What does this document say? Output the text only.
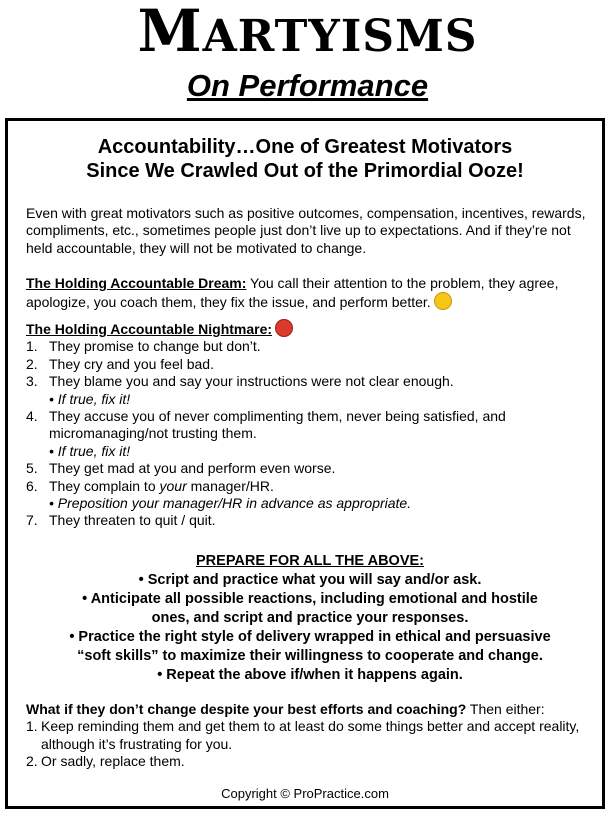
MARTYISMS
On Performance
Accountability…One of Greatest Motivators
Since We Crawled Out of the Primordial Ooze!
Even with great motivators such as positive outcomes, compensation, incentives, rewards, compliments, etc., sometimes people just don’t live up to expectations. And if they’re not held accountable, they will not be motivated to change.
The Holding Accountable Dream: You call their attention to the problem, they agree, apologize, you coach them, they fix the issue, and perform better.
The Holding Accountable Nightmare:
1. They promise to change but don’t.
2. They cry and you feel bad.
3. They blame you and say your instructions were not clear enough.
• If true, fix it!
4. They accuse you of never complimenting them, never being satisfied, and micromanaging/not trusting them.
• If true, fix it!
5. They get mad at you and perform even worse.
6. They complain to your manager/HR.
• Preposition your manager/HR in advance as appropriate.
7. They threaten to quit / quit.
PREPARE FOR ALL THE ABOVE:
• Script and practice what you will say and/or ask.
• Anticipate all possible reactions, including emotional and hostile
ones, and script and practice your responses.
• Practice the right style of delivery wrapped in ethical and persuasive
“soft skills” to maximize their willingness to cooperate and change.
• Repeat the above if/when it happens again.
What if they don’t change despite your best efforts and coaching? Then either:
1. Keep reminding them and get them to at least do some things better and accept reality, although it’s frustrating for you.
2. Or sadly, replace them.
Copyright © ProPractice.com
